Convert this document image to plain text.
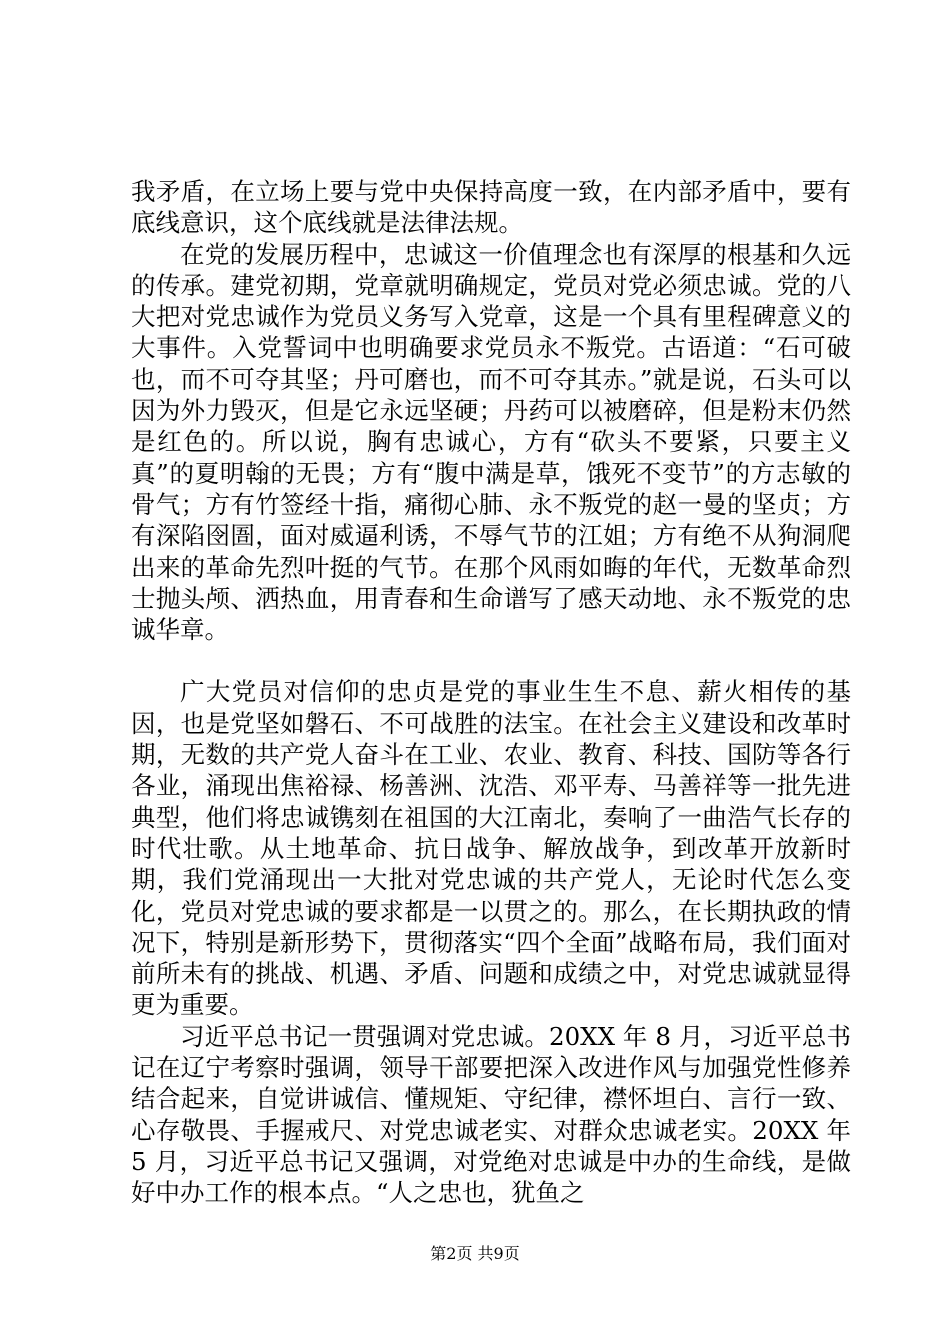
我矛盾，在立场上要与党中央保持高度一致，在内部矛盾中，要有底线意识，这个底线就是法律法规。

在党的发展历程中，忠诚这一价值理念也有深厚的根基和久远的传承。建党初期，党章就明确规定，党员对党必须忠诚。党的八大把对党忠诚作为党员义务写入党章，这是一个具有里程碑意义的大事件。入党誓词中也明确要求党员永不叛党。古语道：“石可破也，而不可夺其坚；丹可磨也，而不可夺其赤。”就是说，石头可以因为外力毁灭，但是它永远坚硬；丹药可以被磨碎，但是粉末仍然是红色的。所以说，胸有忠诚心，方有“砍头不要紧，只要主义真”的夏明翰的无畏；方有“腹中满是草，饿死不变节”的方志敏的骨气；方有竹签经十指，痛彻心肺、永不叛党的赵一曼的坚贞；方有深陷囹圄，面对威逼利诱，不辱气节的江姐；方有绝不从狗洞爬出来的革命先烈叶挺的气节。在那个风雨如晦的年代，无数革命烈士抛头颅、洒热血，用青春和生命谱写了感天动地、永不叛党的忠诚华章。

广大党员对信仰的忠贞是党的事业生生不息、薪火相传的基因，也是党坚如磐石、不可战胜的法宝。在社会主义建设和改革时期，无数的共产党人奋斗在工业、农业、教育、科技、国防等各行各业，涌现出焦裕禄、杨善洲、沈浩、邓平寿、马善祥等一批先进典型，他们将忠诚镌刻在祖国的大江南北，奏响了一曲浩气长存的时代壮歌。从土地革命、抗日战争、解放战争，到改革开放新时期，我们党涌现出一大批对党忠诚的共产党人，无论时代怎么变化，党员对党忠诚的要求都是一以贯之的。那么，在长期执政的情况下，特别是新形势下，贯彻落实“四个全面”战略布局，我们面对前所未有的挑战、机遇、矛盾、问题和成绩之中，对党忠诚就显得更为重要。

习近平总书记一贯强调对党忠诚。20XX 年 8 月，习近平总书记在辽宁考察时强调，领导干部要把深入改进作风与加强党性修养结合起来，自觉讲诚信、懂规矩、守纪律，襟怀坦白、言行一致、心存敬畏、手握戒尺、对党忠诚老实、对群众忠诚老实。20XX 年 5 月，习近平总书记又强调，对党绝对忠诚是中办的生命线，是做好中办工作的根本点。“人之忠也，犹鱼之

第2页 共9页
